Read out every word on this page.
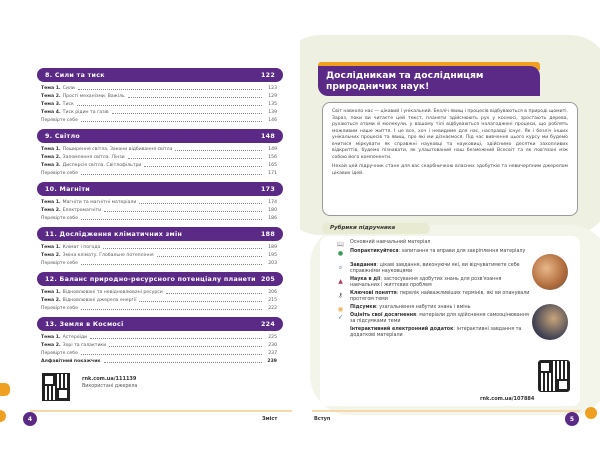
8. Сили та тиск	122
Тема 1. Сили	123
Тема 2. Прості механізми. Важіль	129
Тема 3. Тиск	135
Тема 4. Тиск рідин та газів	139
Перевірте себе	146
9. Світло	148
Тема 1. Поширення світла. Закони відбивання світла	149
Тема 2. Заломлення світла. Лінзи	156
Тема 3. Дисперсія світла. Світлофільтри	165
Перевірте себе	171
10. Магніти	173
Тема 1. Магніти та магнітні матеріали	174
Тема 2. Електромагніти	180
Перевірте себе	186
11. Дослідження кліматичних змін	188
Тема 1. Клімат і погода	189
Тема 2. Зміна клімату. Глобальне потепління	195
Перевірте себе	203
12. Баланс природно-ресурсного потенціалу планети 205
Тема 1. Відновлювані та невідновлювані ресурси	206
Тема 2. Відновлювані джерела енергії	215
Перевірте себе	222
13. Земля в Космосі	224
Тема 1. Астероїди	225
Тема 2. Зорі та галактики	230
Перевірте себе	237
Алфавітний покажчик	239
rnk.com.ua/111139
Використані джерела
4	Зміст
Дослідникам та дослідницям природничих наук!

Світ навколо нас — цікавий і унікальний. Безліч явищ і процесів відбуваються в природі щомиті. Зараз, поки ви читаєте цей текст, планети здійснюють рух у космосі, зростають дерева, рухаються атоми й молекули, у вашому тілі відбуваються налагоджені процеси, що роблять можливим наше життя. І це все, хоч і невидиме для нас, насправді існує. Як і безліч інших унікальних процесів та явищ, про які ми дізнаємося. Під час вивчення цього курсу ми будемо вчитися міркувати як справжні науковці та науковиці, здійснимо десятки захопливих відкриттів, будемо пізнавати, як улаштований наш безмежний Всесвіт та як пов'язані між собою його компоненти.

Нехай цей підручник стане для вас скарбничкою власних здобутків та невичерпним джерелом цікавих ідей.

Рубрики підручника
📖 Основний навчальний матеріал
●	Попрактикуйтеся: запитання та вправи для закріплення матеріалу
⌕	Завдання: цікаві завдання, виконуючи які, ви відчуватимете себе справжніми науковцями
▲	Наука в дії: застосування здобутих знань для розв'язання навчальних і життєвих проблем
⚷	Ключові поняття: перелік найважливіших термінів, які ви опанували протягом теми
●	Підсумки: узагальнення набутих знань і вмінь
✓	Оцініть свої досягнення: матеріали для здійснення самооцінювання за підсумками теми
Інтерактивний електронний додаток: інтерактивні завдання та додаткові матеріали
rnk.com.ua/107884
Вступ	5
